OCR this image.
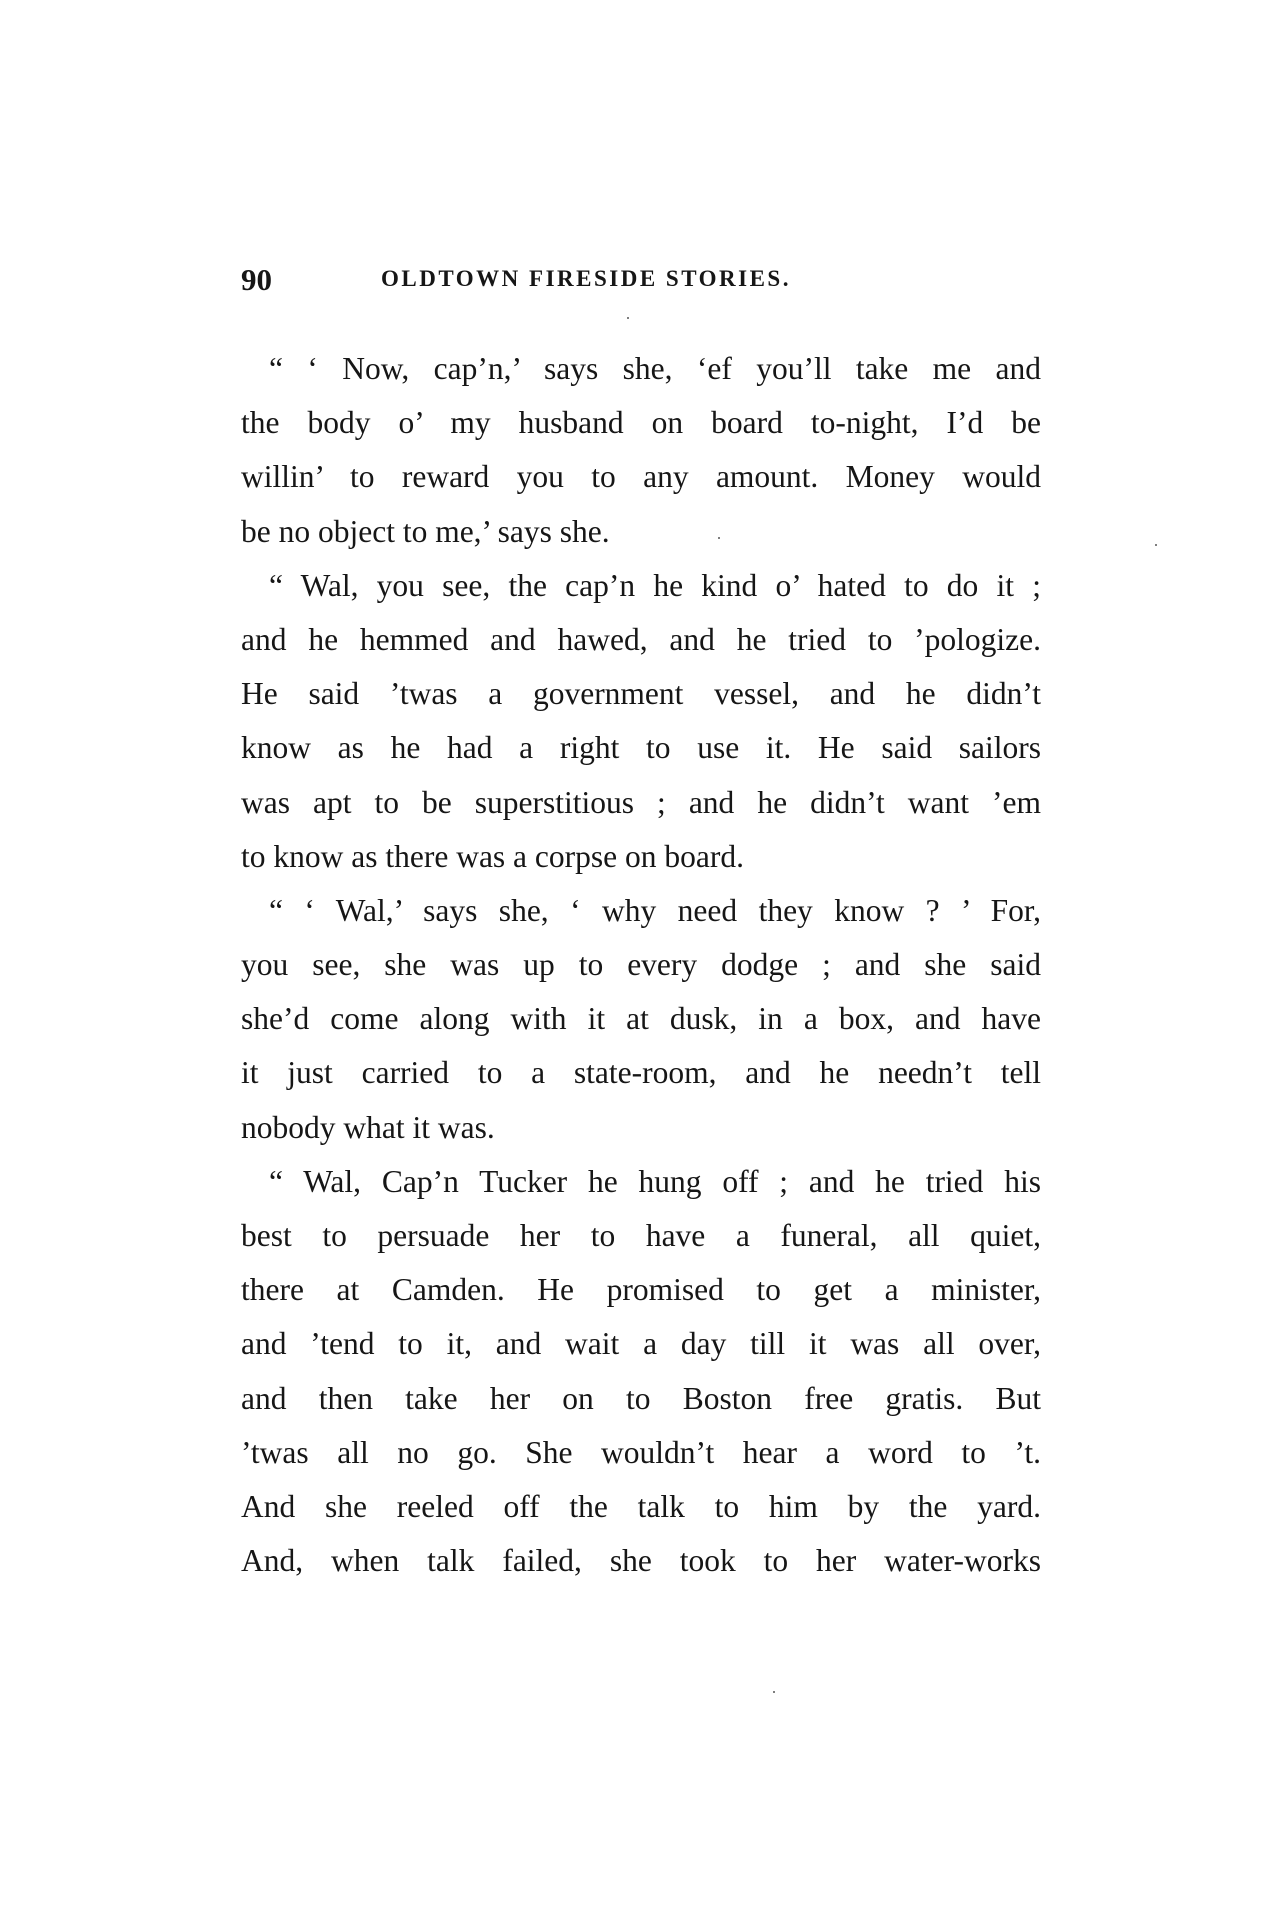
90	OLDTOWN FIRESIDE STORIES.
“ ‘ Now, cap’n,’ says she, ‘ef you’ll take me and
the body o’ my husband on board to-night, I’d be
willin’ to reward you to any amount. Money would
be no object to me,’ says she.
“ Wal, you see, the cap’n he kind o’ hated to do it ;
and he hemmed and hawed, and he tried to ’pologize.
He said ’twas a government vessel, and he didn’t
know as he had a right to use it. He said sailors
was apt to be superstitious ; and he didn’t want ’em
to know as there was a corpse on board.
“ ‘ Wal,’ says she, ‘ why need they know ? ’ For,
you see, she was up to every dodge ; and she said
she’d come along with it at dusk, in a box, and have
it just carried to a state-room, and he needn’t tell
nobody what it was.
“ Wal, Cap’n Tucker he hung off ; and he tried his
best to persuade her to have a funeral, all quiet,
there at Camden. He promised to get a minister,
and ’tend to it, and wait a day till it was all over,
and then take her on to Boston free gratis. But
’twas all no go. She wouldn’t hear a word to ’t.
And she reeled off the talk to him by the yard.
And, when talk failed, she took to her water-works
